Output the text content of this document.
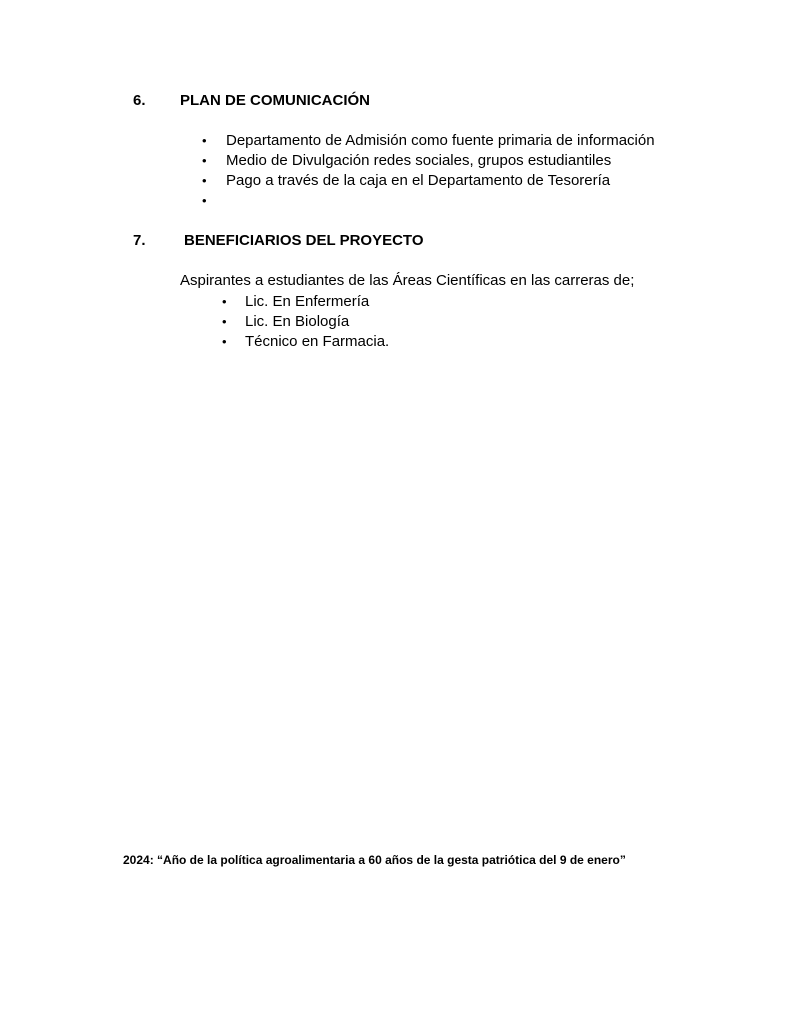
6. PLAN DE COMUNICACIÓN
• Departamento de Admisión como fuente primaria de información
• Medio de Divulgación redes sociales, grupos estudiantiles
• Pago a través de la caja en el Departamento de Tesorería
•
7.	BENEFICIARIOS DEL PROYECTO
Aspirantes a estudiantes de las Áreas Científicas en las carreras de;
• Lic. En Enfermería
• Lic. En Biología
• Técnico en Farmacia.
2024: “Año de la política agroalimentaria a 60 años de la gesta patriótica del 9 de enero”
